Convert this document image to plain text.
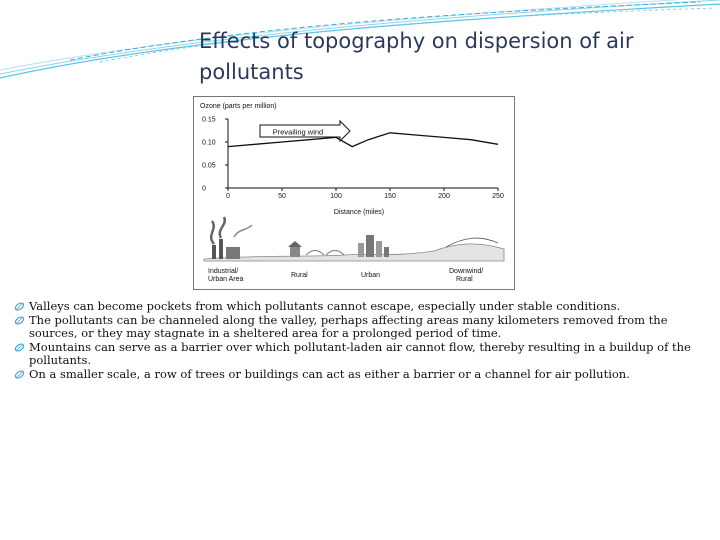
Effects of topography on dispersion of air pollutants
Ozone (parts per million)
0.15
0.10
0.05
0
0	50	100	150	200	250
Distance (miles)
Prevailing wind
Industrial/
Urban Area
Rural	Urban
Downwind/
Rural
Valleys can become pockets from which pollutants cannot escape, especially under stable conditions.
The pollutants can be channeled along the valley, perhaps affecting areas many kilometers removed from the sources, or they may stagnate in a sheltered area for a prolonged period of time.
Mountains can serve as a barrier over which pollutant-laden air cannot flow, thereby resulting in a buildup of the pollutants.
On a smaller scale, a row of trees or buildings can act as either a barrier or a channel for air pollution.
